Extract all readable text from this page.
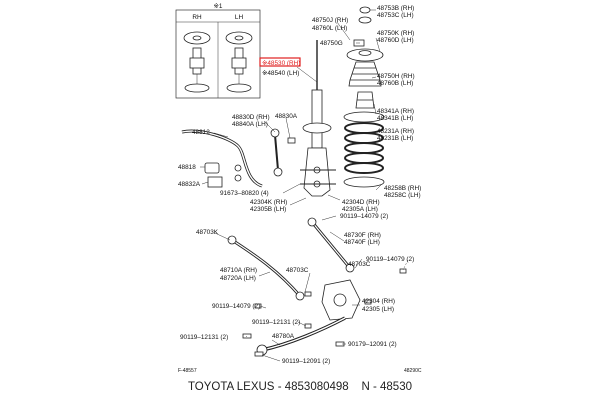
※1
RH	LH	48750J (RH)
48760L (LH)
48750G
48753B (RH)
48753C (LH)
48750K (RH)
48760D (LH)
48750H (RH)
48760B (LH)
48341A (RH)
48341B (LH)
48231A (RH)
48231B (LH)
48258B (RH)
48258C (LH)
※48530 (RH)
※48540 (LH)
48830D (RH)
48840A (LH)
48830A
48812
48818
48832A
91673–80820 (4)
42304K (RH)
42305B (LH)
42304D (RH)
42305A (LH)
90119–14079 (2)
48703K	48730F (RH)
48740F (LH)
48703C
90119–14079 (2)
48710A (RH)
48720A (LH)
48703C
90119–14079 (2)
42304 (RH)
42305 (LH)
90119–12131 (2)
48780A
90119–12131 (2)
90119–12091 (2)
90179–12091 (2)
F-48557	48290C
TOYOTA LEXUS - 4853080498 N - 48530
